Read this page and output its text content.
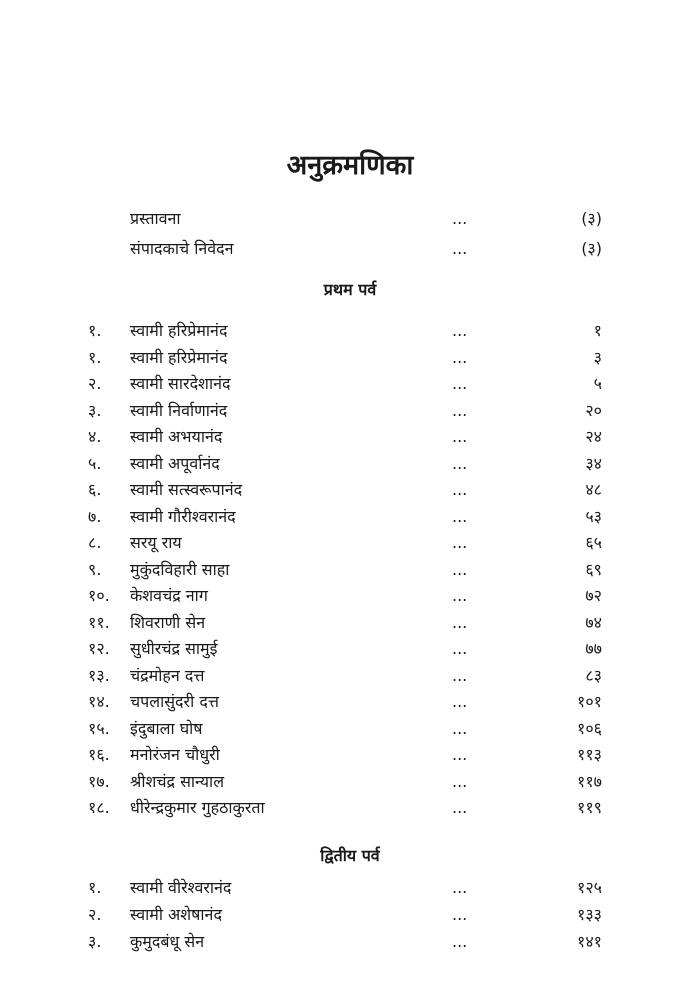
अनुक्रमणिका
प्रस्तावना	...	(३)
संपादकाचे निवेदन	...	(३)
प्रथम पर्व
१.	स्वामी हरिप्रेमानंद	...	१
१.	स्वामी हरिप्रेमानंद	...	३
२.	स्वामी सारदेशानंद	...	५
३.	स्वामी निर्वाणानंद	...	२०
४.	स्वामी अभयानंद	...	२४
५.	स्वामी अपूर्वानंद	...	३४
६.	स्वामी सत्स्वरूपानंद	...	४८
७.	स्वामी गौरीश्वरानंद	...	५३
८.	सरयू राय	...	६५
९.	मुकुंदविहारी साहा	...	६९
१०.	केशवचंद्र नाग	...	७२
११.	शिवराणी सेन	...	७४
१२.	सुधीरचंद्र सामुई	...	७७
१३.	चंद्रमोहन दत्त	...	८३
१४.	चपलासुंदरी दत्त	...	१०१
१५.	इंदुबाला घोष	...	१०६
१६.	मनोरंजन चौधुरी	...	११३
१७.	श्रीशचंद्र सान्याल	...	११७
१८.	धीरेन्द्रकुमार गुहठाकुरता	...	११९
द्वितीय पर्व
१.	स्वामी वीरेश्वरानंद	...	१२५
२.	स्वामी अशेषानंद	...	१३३
३.	कुमुदबंधू सेन	...	१४१
